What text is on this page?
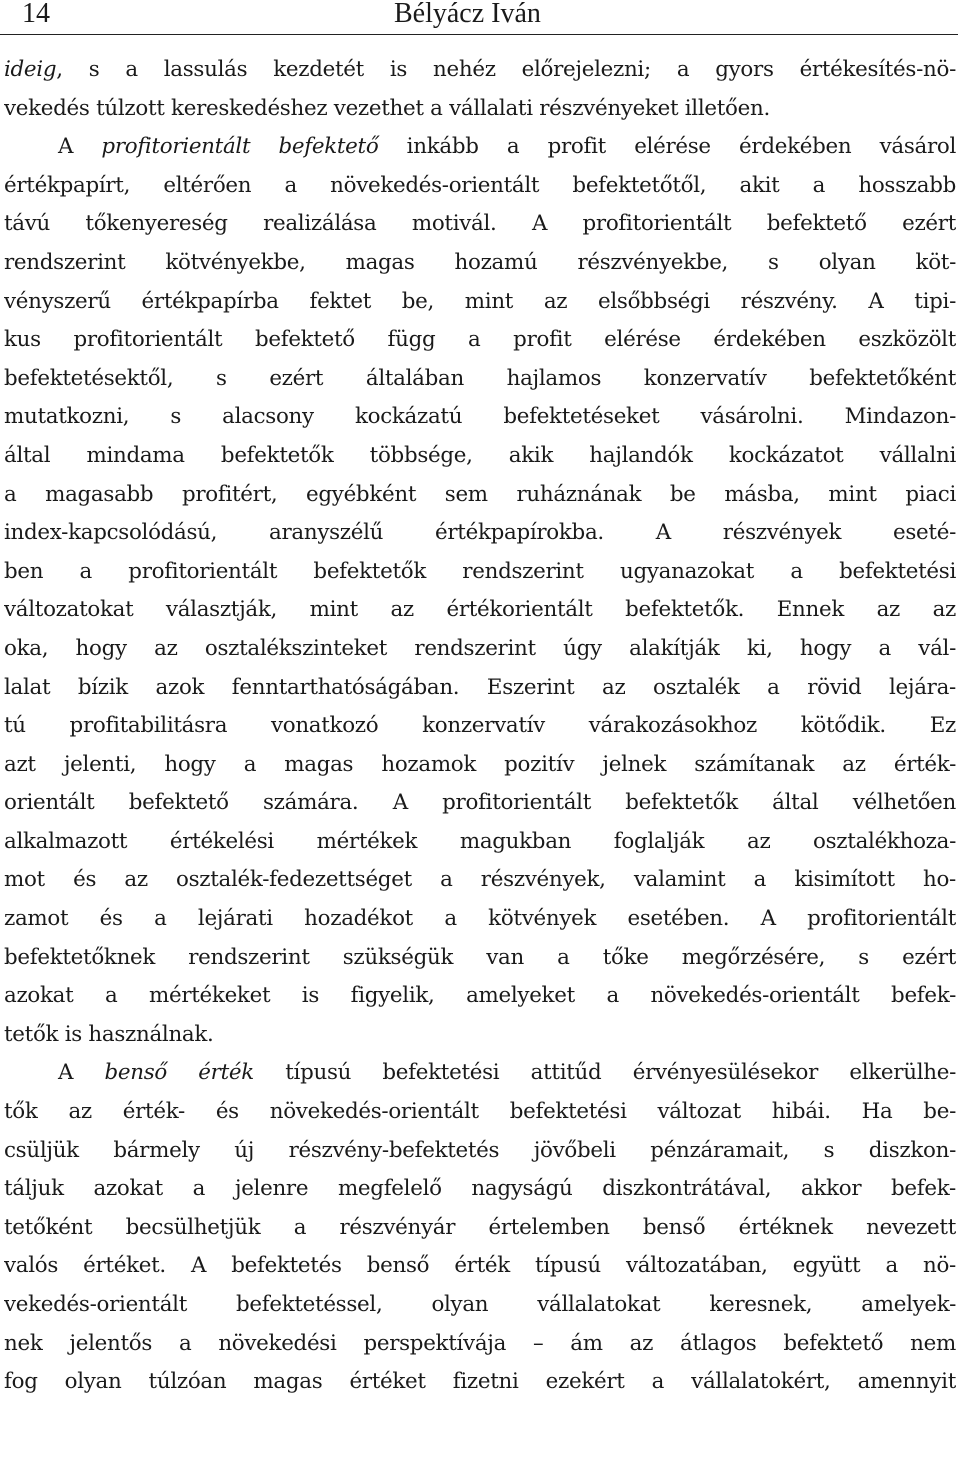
14	Bélyácz Iván
ideig, s a lassulás kezdetét is nehéz előrejelezni; a gyors értékesítés-nö-
vekedés túlzott kereskedéshez vezethet a vállalati részvényeket illetően.
A profitorientált befektető inkább a profit elérése érdekében vásárol
értékpapírt, eltérően a növekedés-orientált befektetőtől, akit a hosszabb
távú tőkenyereség realizálása motivál. A profitorientált befektető ezért
rendszerint kötvényekbe, magas hozamú részvényekbe, s olyan köt-
vényszerű értékpapírba fektet be, mint az elsőbbségi részvény. A tipi-
kus profitorientált befektető függ a profit elérése érdekében eszközölt
befektetésektől, s ezért általában hajlamos konzervatív befektetőként
mutatkozni, s alacsony kockázatú befektetéseket vásárolni. Mindazon-
által mindama befektetők többsége, akik hajlandók kockázatot vállalni
a magasabb profitért, egyébként sem ruháznának be másba, mint piaci
index-kapcsolódású, aranyszélű értékpapírokba. A részvények eseté-
ben a profitorientált befektetők rendszerint ugyanazokat a befektetési
változatokat választják, mint az értékorientált befektetők. Ennek az az
oka, hogy az osztalékszinteket rendszerint úgy alakítják ki, hogy a vál-
lalat bízik azok fenntarthatóságában. Eszerint az osztalék a rövid lejára-
tú profitabilitásra vonatkozó konzervatív várakozásokhoz kötődik. Ez
azt jelenti, hogy a magas hozamok pozitív jelnek számítanak az érték-
orientált befektető számára. A profitorientált befektetők által vélhetően
alkalmazott értékelési mértékek magukban foglalják az osztalékhoza-
mot és az osztalék-fedezettséget a részvények, valamint a kisimított ho-
zamot és a lejárati hozadékot a kötvények esetében. A profitorientált
befektetőknek rendszerint szükségük van a tőke megőrzésére, s ezért
azokat a mértékeket is figyelik, amelyeket a növekedés-orientált befek-
tetők is használnak.
A benső érték típusú befektetési attitűd érvényesülésekor elkerülhe-
tők az érték- és növekedés-orientált befektetési változat hibái. Ha be-
csüljük bármely új részvény-befektetés jövőbeli pénzáramait, s diszkon-
táljuk azokat a jelenre megfelelő nagyságú diszkontrátával, akkor befek-
tetőként becsülhetjük a részvényár értelemben benső értéknek nevezett
valós értéket. A befektetés benső érték típusú változatában, együtt a nö-
vekedés-orientált befektetéssel, olyan vállalatokat keresnek, amelyek-
nek jelentős a növekedési perspektívája – ám az átlagos befektető nem
fog olyan túlzóan magas értéket fizetni ezekért a vállalatokért, amennyit
